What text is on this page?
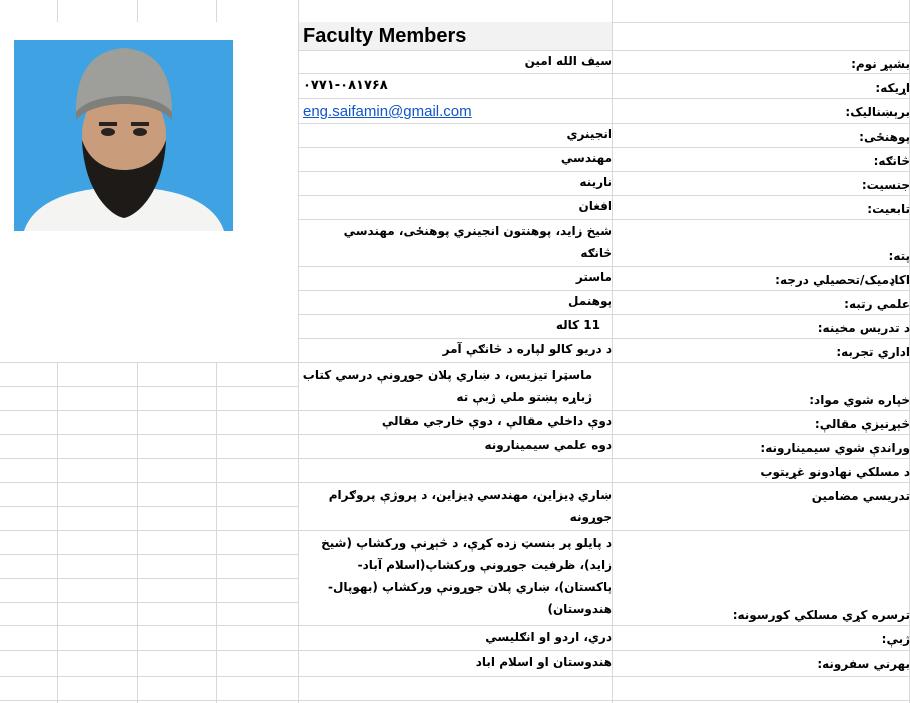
Faculty Members
بشپړ نوم:
سیف الله امین
اړیکه:
۰۷۷۱-۰۸۱۷۶۸
برېښنالیک:
eng.saifamin@gmail.com
پوهنځی:
انجینري
څانګه:
مهندسي
جنسیت:
نارینه
تابعیت:
افغان
پته:
شیخ زاید، پوهنتون انجینري پوهنځی، مهندسي څانګه
اکاډمیک/تحصیلي درجه:
ماستر
علمي رتبه:
پوهنمل
د تدریس مخینه:
11 کاله
اداري تجربه:
د دریو کالو لپاره د څانګې آمر
خپاره شوي مواد:
ماسټرا تیزیس، د ښاري پلان جوړونې درسي کتاب ژباړه پښتو ملي ژبې ته
څېړنيزې مقالې:
دوې داخلي مقالې ، دوې خارجي مقالې
وراندې شوي سیمینارونه:
دوه علمي سیمینارونه
د مسلکي نهادونو غړیتوب
تدریسي مضامین
ښاري ډیزاین، مهندسي ډیزاین، د پروژې پروګرام جوړونه
ترسره کړي مسلکي کورسونه:
د پایلو پر بنسټ زده کړې، د څېړنې ورکشاپ (شیخ زاید)، ظرفیت جوړونې ورکشاپ(اسلام آباد- پاکستان)، ښاري پلان جوړونې ورکشاپ (بهوپال- هندوستان)
ژبې:
دري، اردو او انګلیسي
بهرني سفرونه:
هندوستان او اسلام اباد
